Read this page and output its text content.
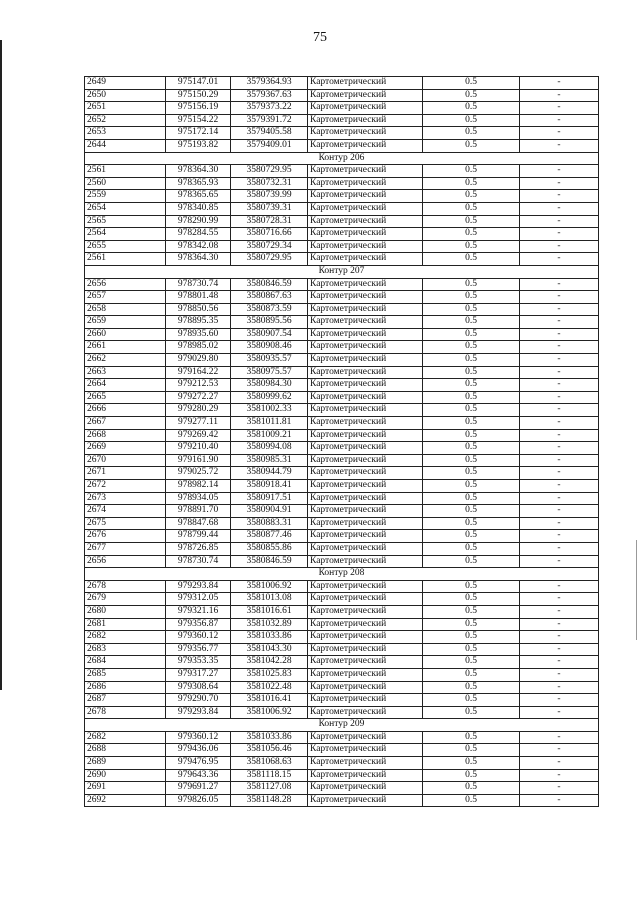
75
2649	975147.01	3579364.93	Картометрический	0.5	-
2650	975150.29	3579367.63	Картометрический	0.5	-
2651	975156.19	3579373.22	Картометрический	0.5	-
2652	975154.22	3579391.72	Картометрический	0.5	-
2653	975172.14	3579405.58	Картометрический	0.5	-
2644	975193.82	3579409.01	Картометрический	0.5	-
Контур 206					
2561	978364.30	3580729.95	Картометрический	0.5	-
2560	978365.93	3580732.31	Картометрический	0.5	-
2559	978365.65	3580739.99	Картометрический	0.5	-
2654	978340.85	3580739.31	Картометрический	0.5	-
2565	978290.99	3580728.31	Картометрический	0.5	-
2564	978284.55	3580716.66	Картометрический	0.5	-
2655	978342.08	3580729.34	Картометрический	0.5	-
2561	978364.30	3580729.95	Картометрический	0.5	-
Контур 207					
2656	978730.74	3580846.59	Картометрический	0.5	-
2657	978801.48	3580867.63	Картометрический	0.5	-
2658	978850.56	3580873.59	Картометрический	0.5	-
2659	978895.35	3580895.56	Картометрический	0.5	-
2660	978935.60	3580907.54	Картометрический	0.5	-
2661	978985.02	3580908.46	Картометрический	0.5	-
2662	979029.80	3580935.57	Картометрический	0.5	-
2663	979164.22	3580975.57	Картометрический	0.5	-
2664	979212.53	3580984.30	Картометрический	0.5	-
2665	979272.27	3580999.62	Картометрический	0.5	-
2666	979280.29	3581002.33	Картометрический	0.5	-
2667	979277.11	3581011.81	Картометрический	0.5	-
2668	979269.42	3581009.21	Картометрический	0.5	-
2669	979210.40	3580994.08	Картометрический	0.5	-
2670	979161.90	3580985.31	Картометрический	0.5	-
2671	979025.72	3580944.79	Картометрический	0.5	-
2672	978982.14	3580918.41	Картометрический	0.5	-
2673	978934.05	3580917.51	Картометрический	0.5	-
2674	978891.70	3580904.91	Картометрический	0.5	-
2675	978847.68	3580883.31	Картометрический	0.5	-
2676	978799.44	3580877.46	Картометрический	0.5	-
2677	978726.85	3580855.86	Картометрический	0.5	-
2656	978730.74	3580846.59	Картометрический	0.5	-
Контур 208					
2678	979293.84	3581006.92	Картометрический	0.5	-
2679	979312.05	3581013.08	Картометрический	0.5	-
2680	979321.16	3581016.61	Картометрический	0.5	-
2681	979356.87	3581032.89	Картометрический	0.5	-
2682	979360.12	3581033.86	Картометрический	0.5	-
2683	979356.77	3581043.30	Картометрический	0.5	-
2684	979353.35	3581042.28	Картометрический	0.5	-
2685	979317.27	3581025.83	Картометрический	0.5	-
2686	979308.64	3581022.48	Картометрический	0.5	-
2687	979290.70	3581016.41	Картометрический	0.5	-
2678	979293.84	3581006.92	Картометрический	0.5	-
Контур 209					
2682	979360.12	3581033.86	Картометрический	0.5	-
2688	979436.06	3581056.46	Картометрический	0.5	-
2689	979476.95	3581068.63	Картометрический	0.5	-
2690	979643.36	3581118.15	Картометрический	0.5	-
2691	979691.27	3581127.08	Картометрический	0.5	-
2692	979826.05	3581148.28	Картометрический	0.5	-
